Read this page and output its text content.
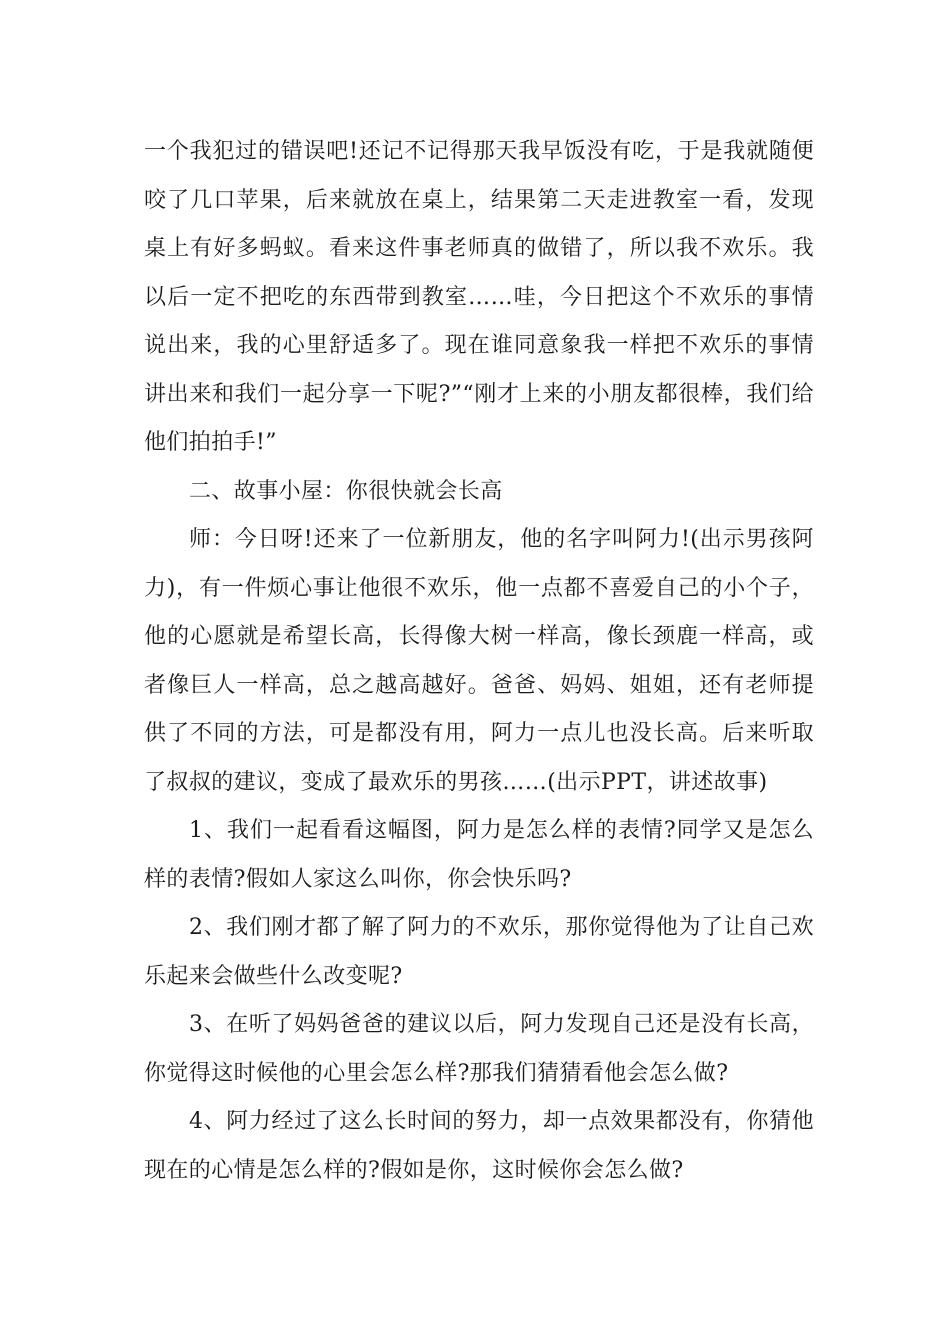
一个我犯过的错误吧!还记不记得那天我早饭没有吃，于是我就随便咬了几口苹果，后来就放在桌上，结果第二天走进教室一看，发现桌上有好多蚂蚁。看来这件事老师真的做错了，所以我不欢乐。我以后一定不把吃的东西带到教室……哇，今日把这个不欢乐的事情说出来，我的心里舒适多了。现在谁同意象我一样把不欢乐的事情讲出来和我们一起分享一下呢?”“刚才上来的小朋友都很棒，我们给他们拍拍手!”

二、故事小屋：你很快就会长高

师：今日呀!还来了一位新朋友，他的名字叫阿力!(出示男孩阿力)，有一件烦心事让他很不欢乐，他一点都不喜爱自己的小个子，他的心愿就是希望长高，长得像大树一样高，像长颈鹿一样高，或者像巨人一样高，总之越高越好。爸爸、妈妈、姐姐，还有老师提供了不同的方法，可是都没有用，阿力一点儿也没长高。后来听取了叔叔的建议，变成了最欢乐的男孩……(出示PPT，讲述故事)

1、我们一起看看这幅图，阿力是怎么样的表情?同学又是怎么样的表情?假如人家这么叫你，你会快乐吗?

2、我们刚才都了解了阿力的不欢乐，那你觉得他为了让自己欢乐起来会做些什么改变呢?

3、在听了妈妈爸爸的建议以后，阿力发现自己还是没有长高，你觉得这时候他的心里会怎么样?那我们猜猜看他会怎么做?

4、阿力经过了这么长时间的努力，却一点效果都没有，你猜他现在的心情是怎么样的?假如是你，这时候你会怎么做?
